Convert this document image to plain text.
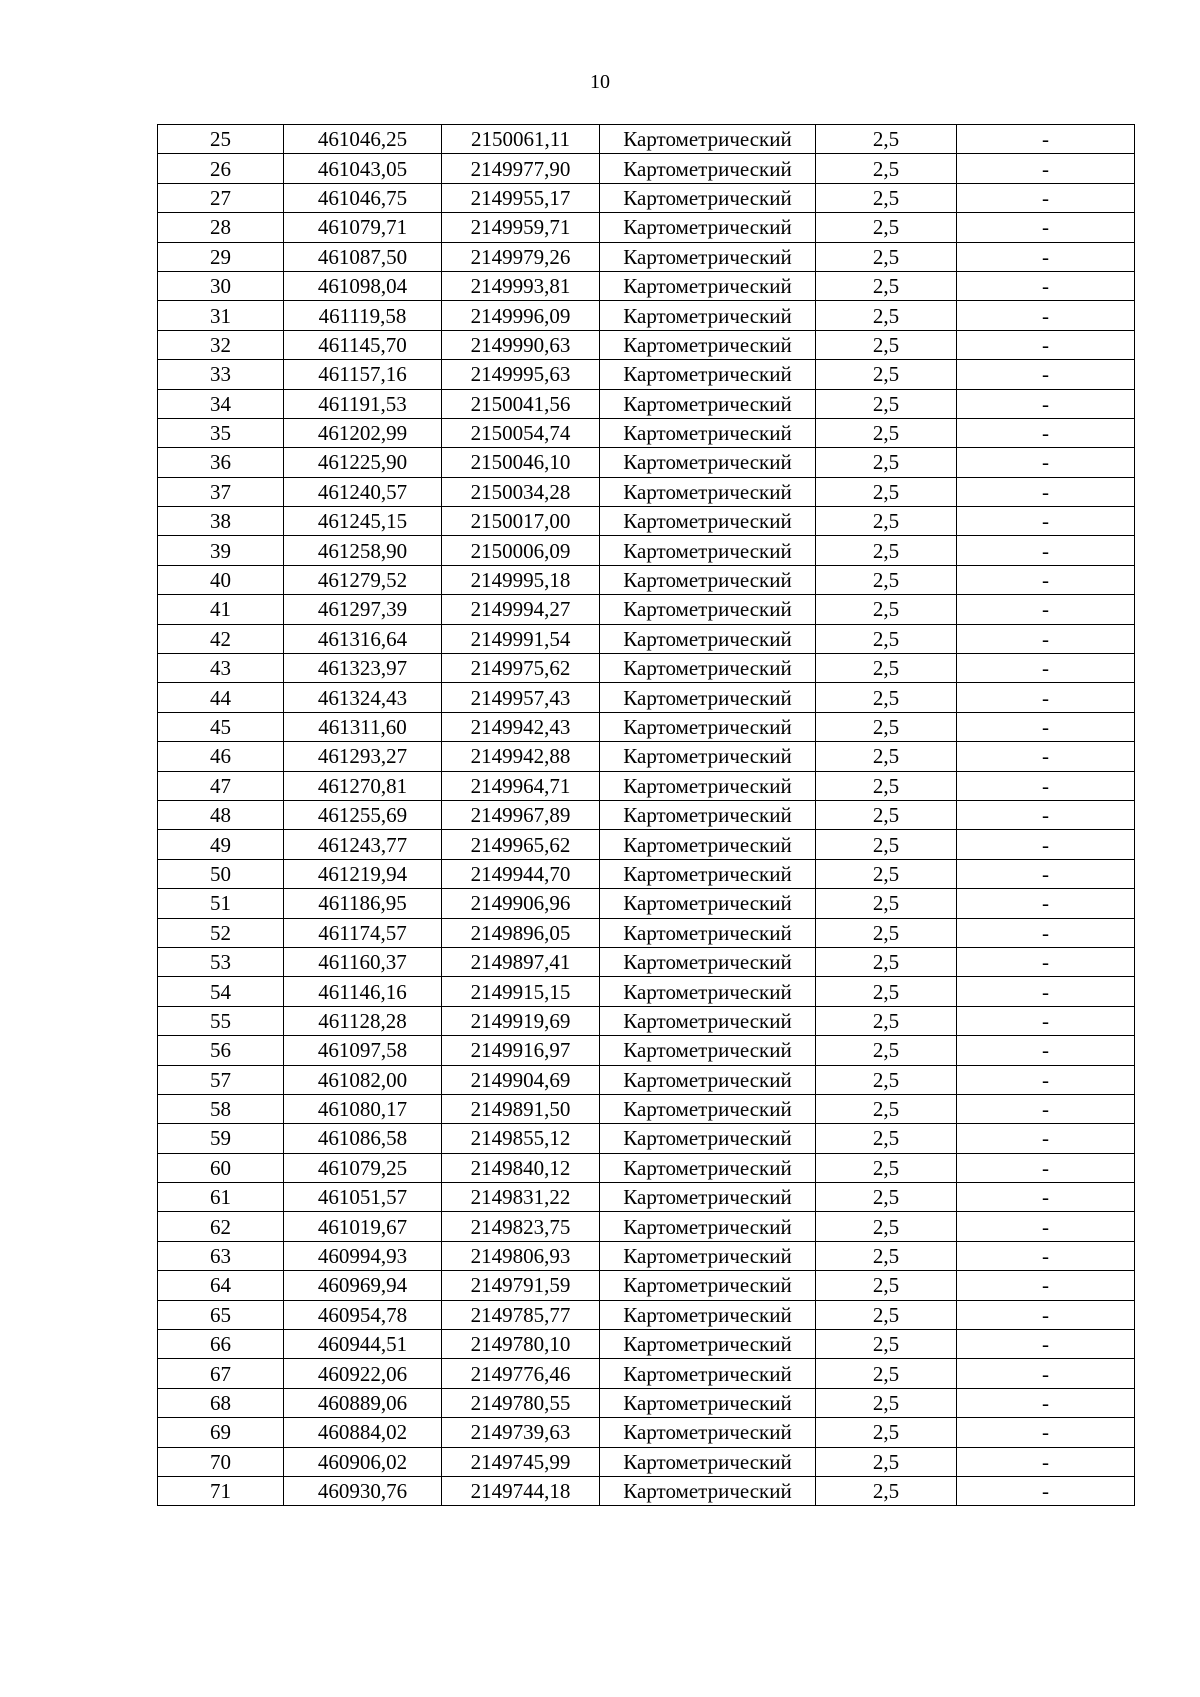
10
25	461046,25	2150061,11	Картометрический	2,5	-
26	461043,05	2149977,90	Картометрический	2,5	-
27	461046,75	2149955,17	Картометрический	2,5	-
28	461079,71	2149959,71	Картометрический	2,5	-
29	461087,50	2149979,26	Картометрический	2,5	-
30	461098,04	2149993,81	Картометрический	2,5	-
31	461119,58	2149996,09	Картометрический	2,5	-
32	461145,70	2149990,63	Картометрический	2,5	-
33	461157,16	2149995,63	Картометрический	2,5	-
34	461191,53	2150041,56	Картометрический	2,5	-
35	461202,99	2150054,74	Картометрический	2,5	-
36	461225,90	2150046,10	Картометрический	2,5	-
37	461240,57	2150034,28	Картометрический	2,5	-
38	461245,15	2150017,00	Картометрический	2,5	-
39	461258,90	2150006,09	Картометрический	2,5	-
40	461279,52	2149995,18	Картометрический	2,5	-
41	461297,39	2149994,27	Картометрический	2,5	-
42	461316,64	2149991,54	Картометрический	2,5	-
43	461323,97	2149975,62	Картометрический	2,5	-
44	461324,43	2149957,43	Картометрический	2,5	-
45	461311,60	2149942,43	Картометрический	2,5	-
46	461293,27	2149942,88	Картометрический	2,5	-
47	461270,81	2149964,71	Картометрический	2,5	-
48	461255,69	2149967,89	Картометрический	2,5	-
49	461243,77	2149965,62	Картометрический	2,5	-
50	461219,94	2149944,70	Картометрический	2,5	-
51	461186,95	2149906,96	Картометрический	2,5	-
52	461174,57	2149896,05	Картометрический	2,5	-
53	461160,37	2149897,41	Картометрический	2,5	-
54	461146,16	2149915,15	Картометрический	2,5	-
55	461128,28	2149919,69	Картометрический	2,5	-
56	461097,58	2149916,97	Картометрический	2,5	-
57	461082,00	2149904,69	Картометрический	2,5	-
58	461080,17	2149891,50	Картометрический	2,5	-
59	461086,58	2149855,12	Картометрический	2,5	-
60	461079,25	2149840,12	Картометрический	2,5	-
61	461051,57	2149831,22	Картометрический	2,5	-
62	461019,67	2149823,75	Картометрический	2,5	-
63	460994,93	2149806,93	Картометрический	2,5	-
64	460969,94	2149791,59	Картометрический	2,5	-
65	460954,78	2149785,77	Картометрический	2,5	-
66	460944,51	2149780,10	Картометрический	2,5	-
67	460922,06	2149776,46	Картометрический	2,5	-
68	460889,06	2149780,55	Картометрический	2,5	-
69	460884,02	2149739,63	Картометрический	2,5	-
70	460906,02	2149745,99	Картометрический	2,5	-
71	460930,76	2149744,18	Картометрический	2,5	-
